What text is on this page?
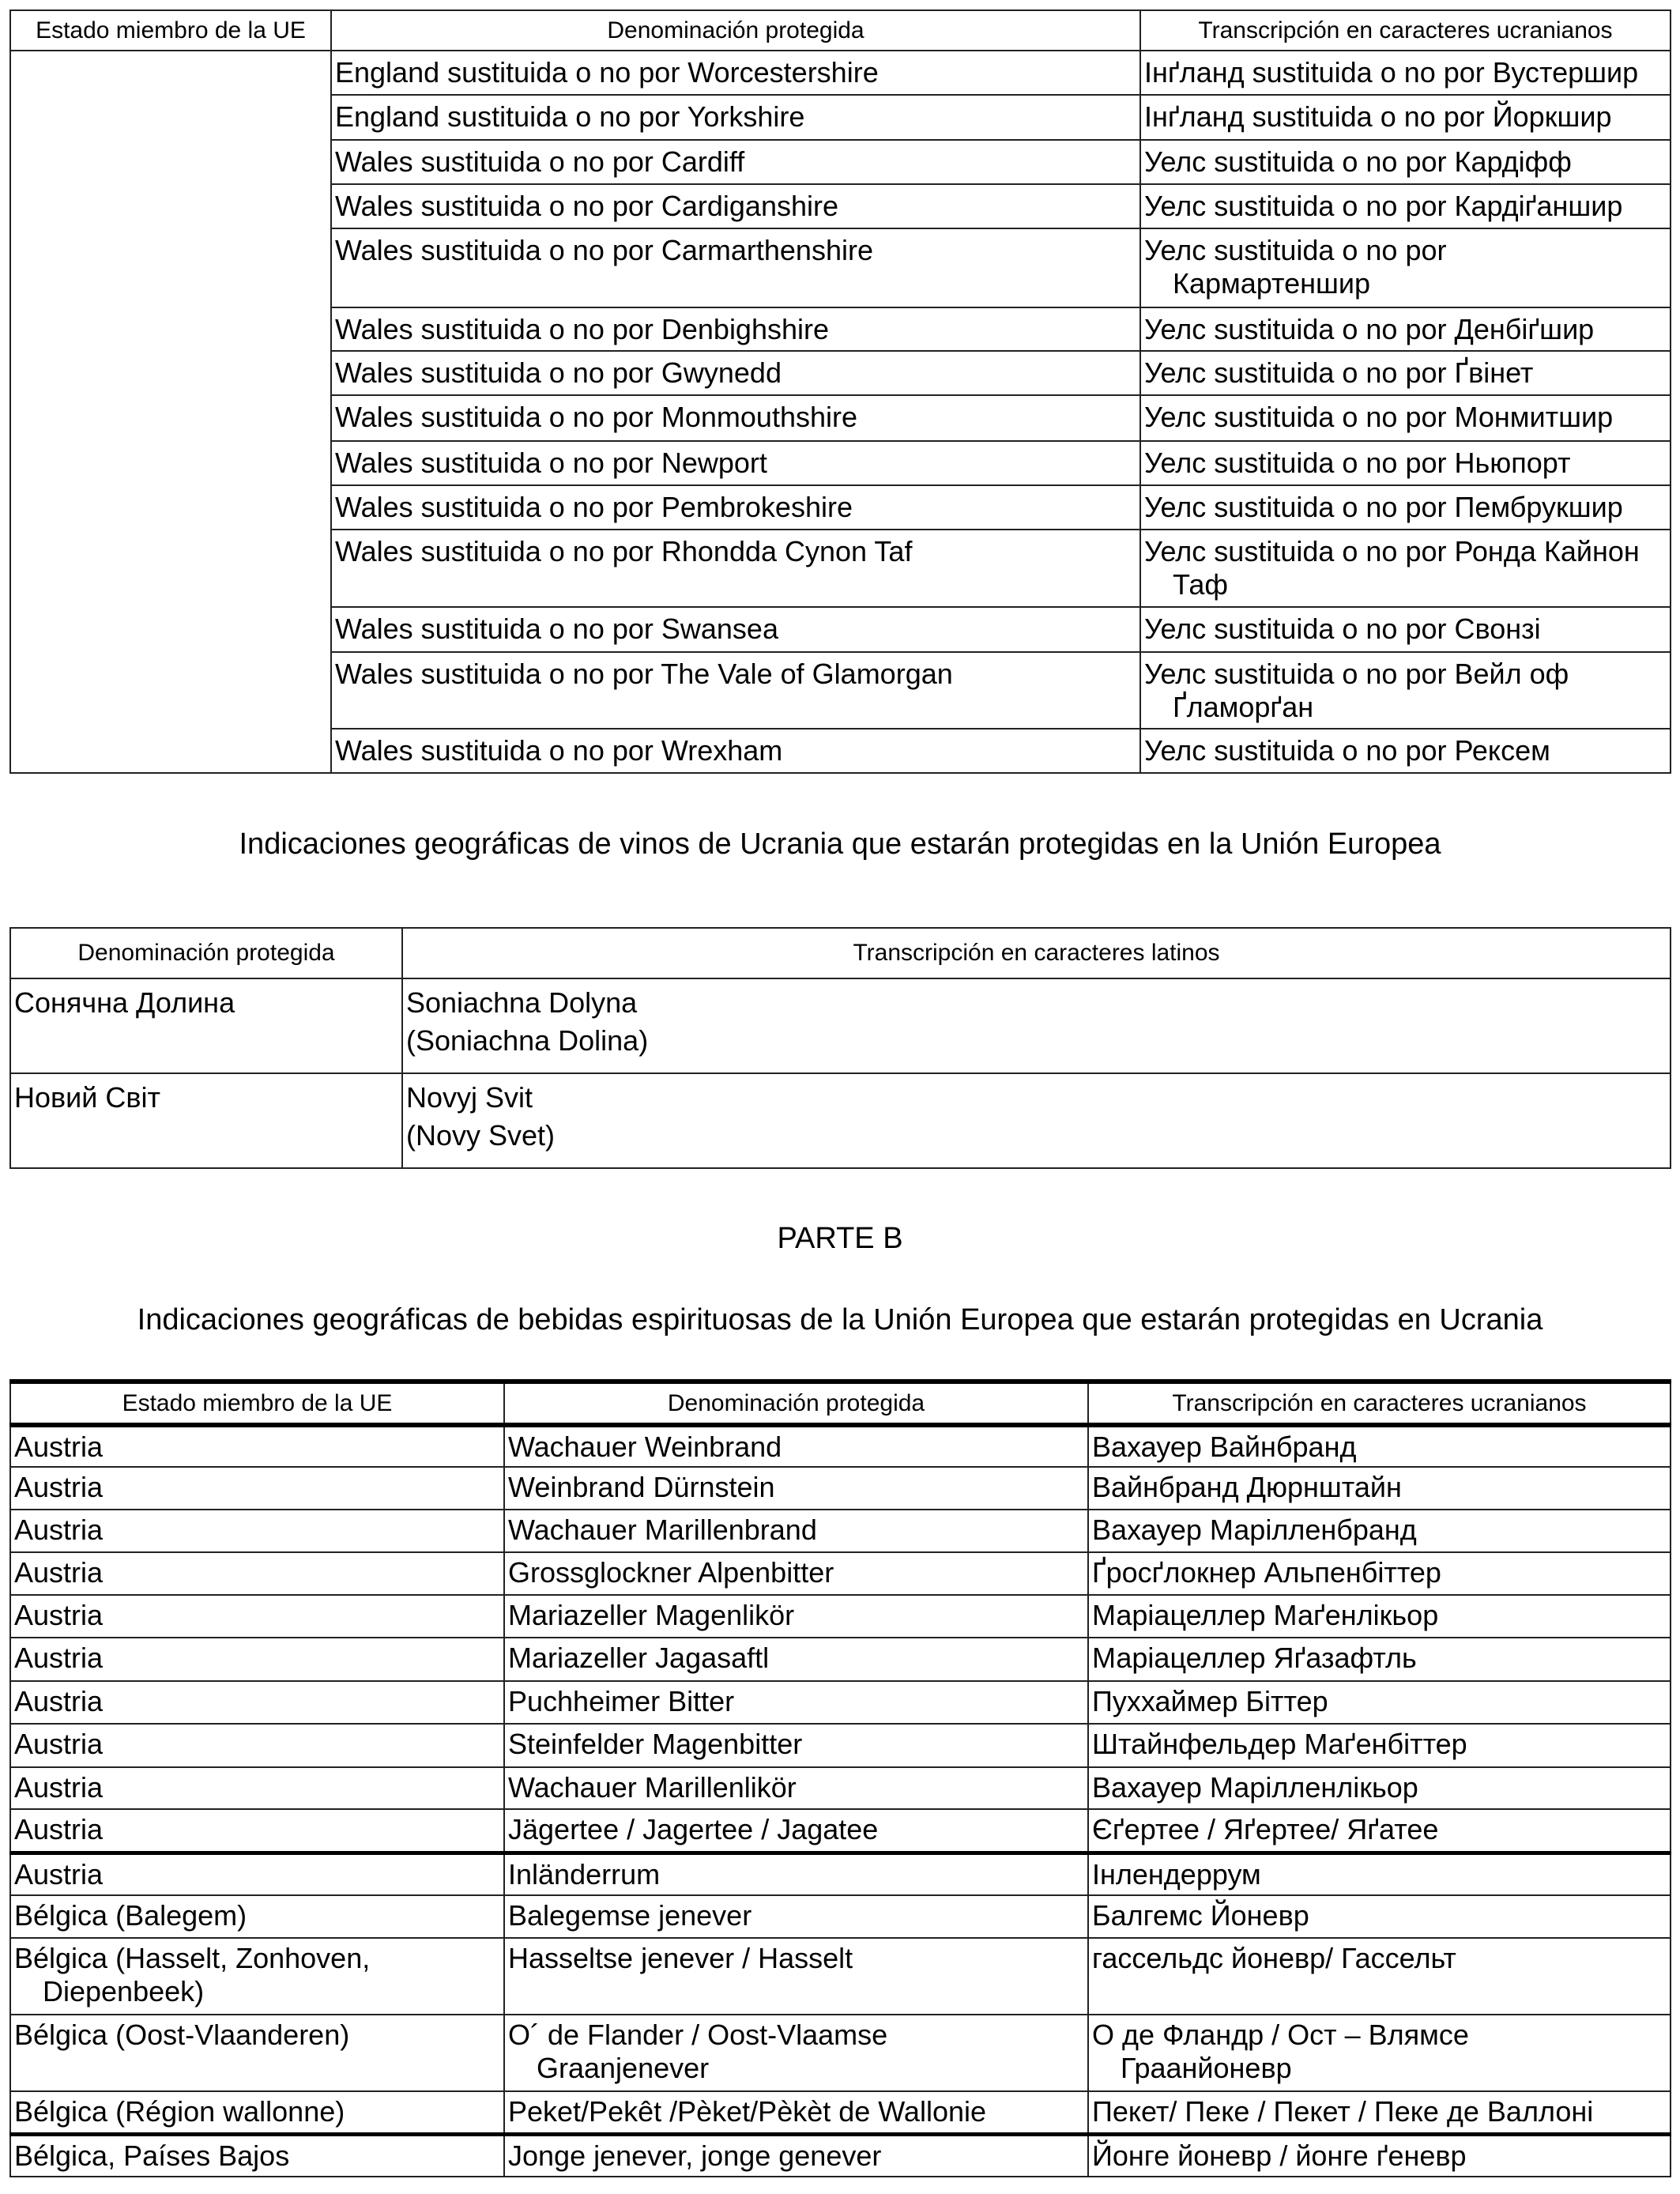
Estado miembro de la UE	Denominación protegida	Transcripción en caracteres ucranianos

	England sustituida o no por Worcestershire	Інґланд sustituida o no por Вустершир

	England sustituida o no por Yorkshire	Інґланд sustituida o no por Йоркшир

	Wales sustituida o no por Cardiff	Уелс sustituida o no por Кардіфф

	Wales sustituida o no por Cardiganshire	Уелс sustituida o no por Кардіґаншир

	Wales sustituida o no por Carmarthenshire	Уелс sustituida o no por
Кармартеншир

	Wales sustituida o no por Denbighshire	Уелс sustituida o no por Денбіґшир

	Wales sustituida o no por Gwynedd	Уелс sustituida o no por Ґвінет

	Wales sustituida o no por Monmouthshire	Уелс sustituida o no por Монмитшир

	Wales sustituida o no por Newport	Уелс sustituida o no por Ньюпорт

	Wales sustituida o no por Pembrokeshire	Уелс sustituida o no por Пембрукшир

	Wales sustituida o no por Rhondda Cynon Taf	Уелс sustituida o no por Ронда Кайнон
Таф

	Wales sustituida o no por Swansea	Уелс sustituida o no por Свонзі

	Wales sustituida o no por The Vale of Glamorgan	Уелс sustituida o no por Вейл оф
Ґламорґан

	Wales sustituida o no por Wrexham	Уелс sustituida o no por Рексем
Indicaciones geográficas de vinos de Ucrania que estarán protegidas en la Unión Europea
Denominación protegida	Transcripción en caracteres latinos
Сонячна Долина	Soniachna Dolyna
(Soniachna Dolina)

Новий Світ	Novyj Svit
(Novy Svet)
PARTE B
Indicaciones geográficas de bebidas espirituosas de la Unión Europea que estarán protegidas en Ucrania
Estado miembro de la UE	Denominación protegida	Transcripción en caracteres ucranianos

Austria	Wachauer Weinbrand	Вахауер Вайнбранд

Austria	Weinbrand Dürnstein	Вайнбранд Дюрнштайн

Austria	Wachauer Marillenbrand	Вахауер Марілленбранд

Austria	Grossglockner Alpenbitter	Ґросґлокнер Альпенбіттер

Austria	Mariazeller Magenlikör	Маріацеллер Маґенлікьор

Austria	Mariazeller Jagasaftl	Маріацеллер Яґазафтль

Austria	Puchheimer Bitter	Пуххаймер Біттер

Austria	Steinfelder Magenbitter	Штайнфельдер Маґенбіттер

Austria	Wachauer Marillenlikör	Вахауер Марілленлікьор

Austria	Jägertee / Jagertee / Jagatee	Єґертее / Яґертее/ Яґатее

Austria	Inländerrum	Інлендеррум

Bélgica (Balegem)	Balegemse jenever	Балгемс Йоневр

Bélgica (Hasselt, Zonhoven,
Diepenbeek)	Hasseltse jenever / Hasselt	гассельдс йоневр/ Гассельт

Bélgica (Oost-Vlaanderen)	O´ de Flander / Oost-Vlaamse
Graanjenever	О де Фландр / Ост – Влямсе
Граанйоневр

Bélgica (Région wallonne)	Peket/Pekêt /Pèket/Pèkèt de Wallonie	Пекет/ Пеке / Пекет / Пеке де Валлоні

Bélgica, Países Bajos	Jonge jenever, jonge genever	Йонге йоневр / йонге ґеневр
